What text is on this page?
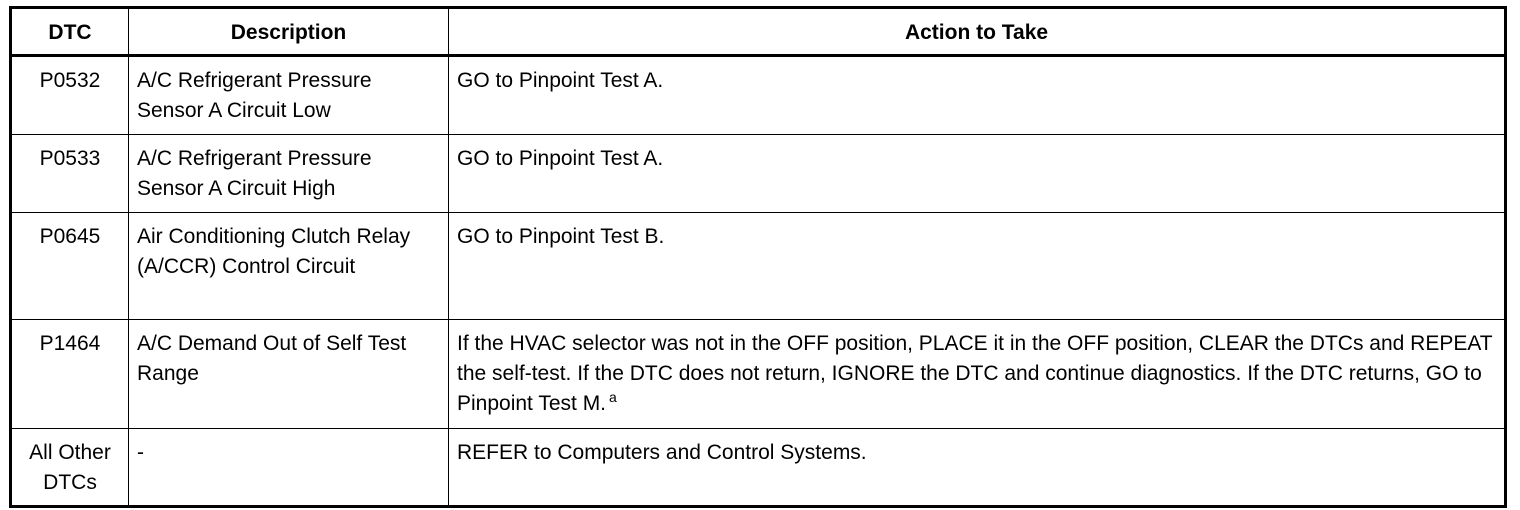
DTC	Description	Action to Take
P0532	A/C Refrigerant Pressure Sensor A Circuit Low	GO to Pinpoint Test A.
P0533	A/C Refrigerant Pressure Sensor A Circuit High	GO to Pinpoint Test A.
P0645	Air Conditioning Clutch Relay (A/CCR) Control Circuit	GO to Pinpoint Test B.
P1464	A/C Demand Out of Self Test Range	If the HVAC selector was not in the OFF position, PLACE it in the OFF position, CLEAR the DTCs and REPEAT the self-test. If the DTC does not return, IGNORE the DTC and continue diagnostics. If the DTC returns, GO to Pinpoint Test M. $^a$
All Other DTCs	-	REFER to Computers and Control Systems.
